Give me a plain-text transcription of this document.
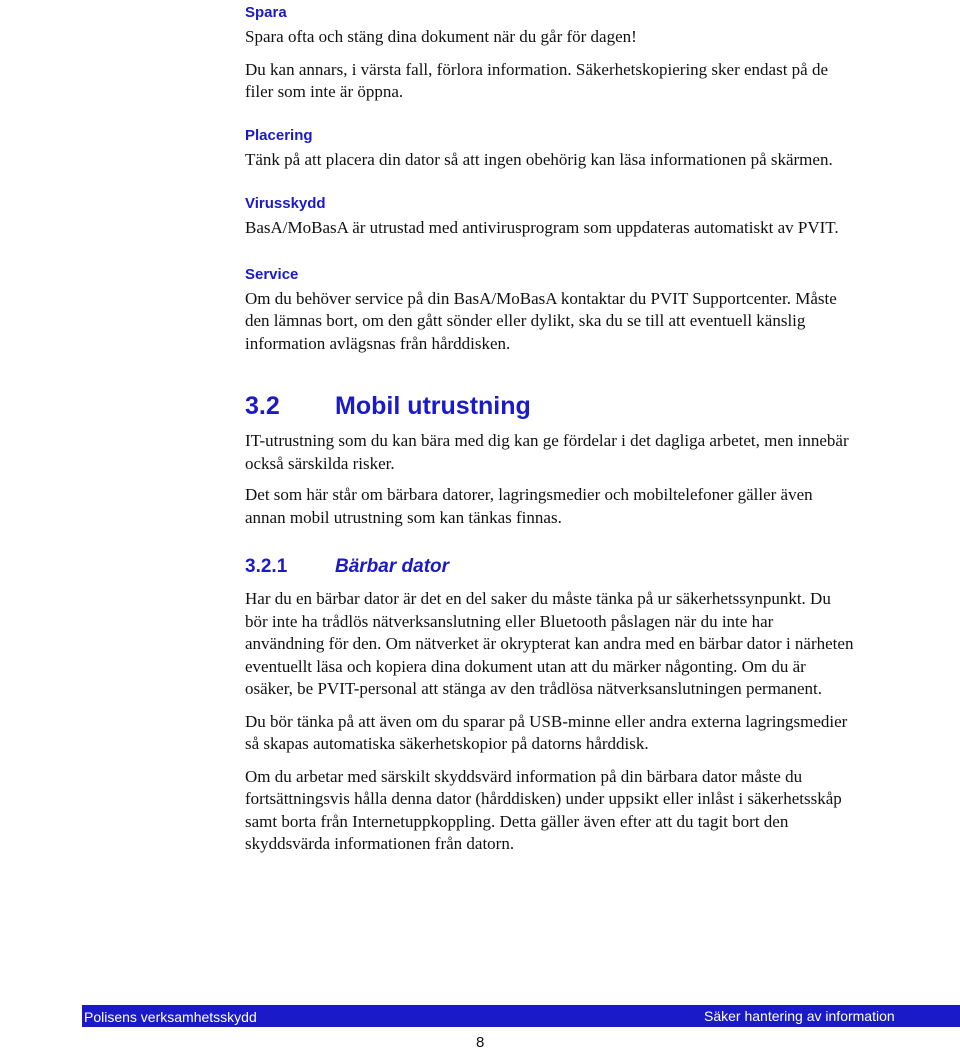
Spara

Spara ofta och stäng dina dokument när du går för dagen!

Du kan annars, i värsta fall, förlora information. Säkerhetskopiering sker endast på de filer som inte är öppna.

Placering

Tänk på att placera din dator så att ingen obehörig kan läsa informationen på skärmen.

Virusskydd

BasA/MoBasA är utrustad med antivirusprogram som uppdateras automatiskt av PVIT.

Service

Om du behöver service på din BasA/MoBasA kontaktar du PVIT Supportcenter. Måste den lämnas bort, om den gått sönder eller dylikt, ska du se till att eventuell känslig information avlägsnas från hårddisken.

3.2 Mobil utrustning

IT-utrustning som du kan bära med dig kan ge fördelar i det dagliga arbetet, men innebär också särskilda risker.

Det som här står om bärbara datorer, lagringsmedier och mobiltelefoner gäller även annan mobil utrustning som kan tänkas finnas.

3.2.1	Bärbar dator

Har du en bärbar dator är det en del saker du måste tänka på ur säkerhetssynpunkt. Du bör inte ha trådlös nätverksanslutning eller Bluetooth påslagen när du inte har användning för den. Om nätverket är okrypterat kan andra med en bärbar dator i närheten eventuellt läsa och kopiera dina dokument utan att du märker någonting. Om du är osäker, be PVIT-personal att stänga av den trådlösa nätverksanslutningen permanent.

Du bör tänka på att även om du sparar på USB-minne eller andra externa lagringsmedier så skapas automatiska säkerhetskopior på datorns hårddisk.

Om du arbetar med särskilt skyddsvärd information på din bärbara dator måste du fortsättningsvis hålla denna dator (hårddisken) under uppsikt eller inlåst i säkerhetsskåp samt borta från Internetuppkoppling. Detta gäller även efter att du tagit bort den skyddsvärda informationen från datorn.

Polisens verksamhetsskydd	Säker hantering av information
8
